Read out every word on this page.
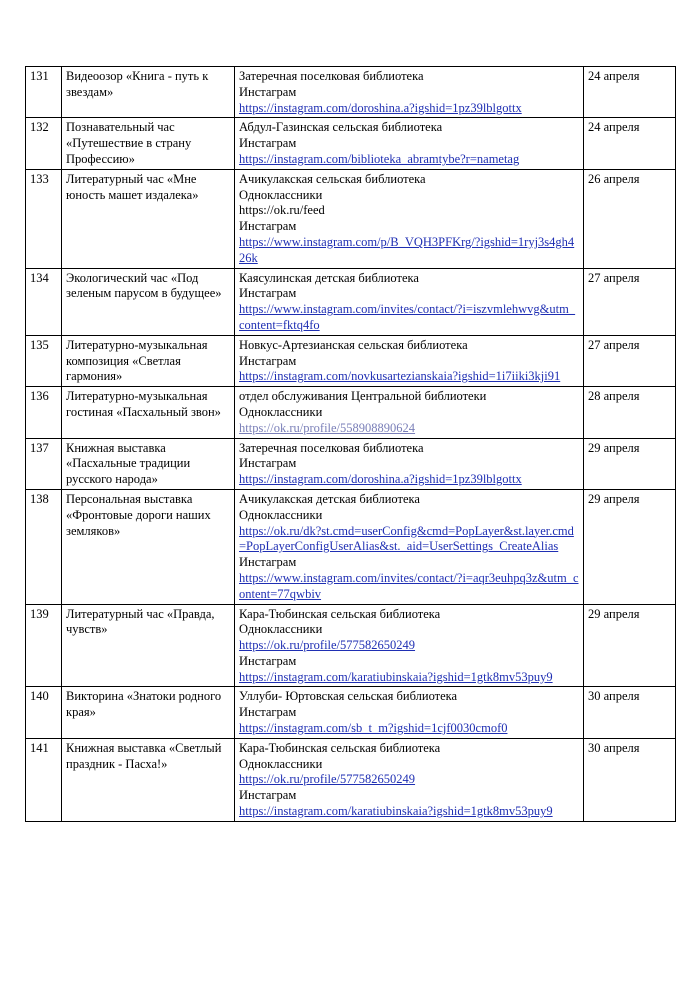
131	Видеоозор «Книга - путь к звездам»	Затеречная поселковая библиотека
Инстаграм
https://instagram.com/doroshina.a?igshid=1pz39lblgottx	24 апреля
132	Познавательный час «Путешествие в страну Профессию»	Абдул-Газинская сельская библиотека
Инстаграм
https://instagram.com/biblioteka_abramtybe?r=nametag	24 апреля
133	Литературный час «Мне юность машет издалека»	Ачикулакская сельская библиотека
Одноклассники
https://ok.ru/feed
Инстаграм
https://www.instagram.com/p/B_VQH3PFKrg/?igshid=1ryj3s4gh426k	26 апреля
134	Экологический час «Под зеленым парусом в будущее»	Каясулинская детская библиотека
Инстаграм
https://www.instagram.com/invites/contact/?i=iszvmlehwvg&utm_content=fktq4fo	27 апреля
135	Литературно-музыкальная композиция «Светлая гармония»	Новкус-Артезианская сельская библиотека
Инстаграм
https://instagram.com/novkusartezianskaia?igshid=1i7iiki3kji91	27 апреля
136	Литературно-музыкальная гостиная «Пасхальный звон»	отдел обслуживания Центральной библиотеки
Одноклассники
https://ok.ru/profile/558908890624	28 апреля
137	Книжная выставка «Пасхальные традиции русского народа»	Затеречная поселковая библиотека
Инстаграм
https://instagram.com/doroshina.a?igshid=1pz39lblgottx	29 апреля
138	Персональная выставка «Фронтовые дороги наших земляков»	Ачикулакская детская библиотека
Одноклассники
https://ok.ru/dk?st.cmd=userConfig&cmd=PopLayer&st.layer.cmd=PopLayerConfigUserAlias&st._aid=UserSettings_CreateAlias
Инстаграм
https://www.instagram.com/invites/contact/?i=aqr3euhpq3z&utm_content=77qwbiv	29 апреля
139	Литературный час «Правда, чувств»	Кара-Тюбинская сельская библиотека
Одноклассники
https://ok.ru/profile/577582650249
Инстаграм
https://instagram.com/karatiubinskaia?igshid=1gtk8mv53puy9	29 апреля
140	Викторина «Знатоки родного края»	Уллуби- Юртовская сельская библиотека
Инстаграм
https://instagram.com/sb_t_m?igshid=1cjf0030cmof0	30 апреля
141	Книжная выставка «Светлый праздник - Пасха!»	Кара-Тюбинская сельская библиотека
Одноклассники
https://ok.ru/profile/577582650249
Инстаграм
https://instagram.com/karatiubinskaia?igshid=1gtk8mv53puy9	30 апреля
